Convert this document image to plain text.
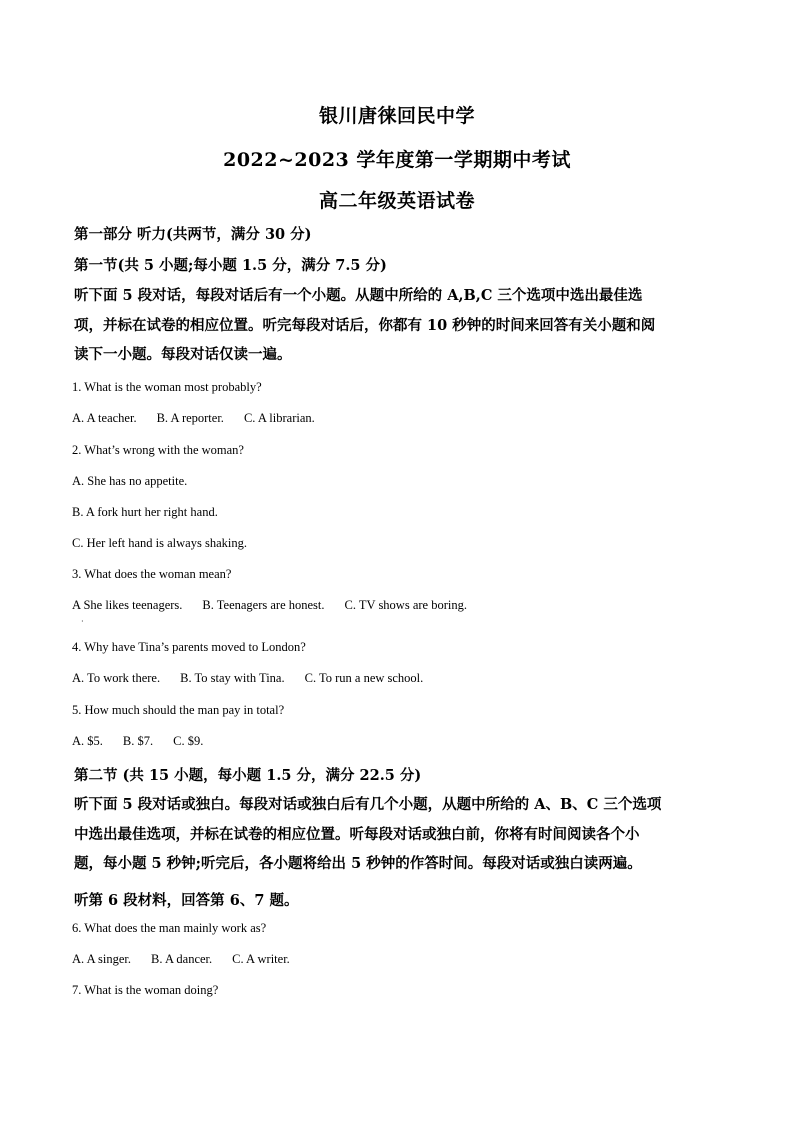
银川唐徕回民中学
2022~2023 学年度第一学期期中考试
高二年级英语试卷
第一部分 听力(共两节，满分 30 分)
第一节(共 5 小题;每小题 1.5 分，满分 7.5 分)
听下面 5 段对话，每段对话后有一个小题。从题中所给的 A,B,C 三个选项中选出最佳选
项，并标在试卷的相应位置。听完每段对话后，你都有 10 秒钟的时间来回答有关小题和阅
读下一小题。每段对话仅读一遍。
1. What is the woman most probably?
A. A teacher. B. A reporter. C. A librarian.
2. What’s wrong with the woman?
A. She has no appetite.
B. A fork hurt her right hand.
C. Her left hand is always shaking.
3. What does the woman mean?
A She likes teenagers. B. Teenagers are honest. C. TV shows are boring.
·
4. Why have Tina’s parents moved to London?
A. To work there. B. To stay with Tina. C. To run a new school.
5. How much should the man pay in total?
A. $5. B. $7. C. $9.
第二节 (共 15 小题，每小题 1.5 分，满分 22.5 分)
听下面 5 段对话或独白。每段对话或独白后有几个小题，从题中所给的 A、B、C 三个选项
中选出最佳选项，并标在试卷的相应位置。听每段对话或独白前，你将有时间阅读各个小
题，每小题 5 秒钟;听完后，各小题将给出 5 秒钟的作答时间。每段对话或独白读两遍。
听第 6 段材料，回答第 6、7 题。
6. What does the man mainly work as?
A. A singer. B. A dancer. C. A writer.
7. What is the woman doing?
